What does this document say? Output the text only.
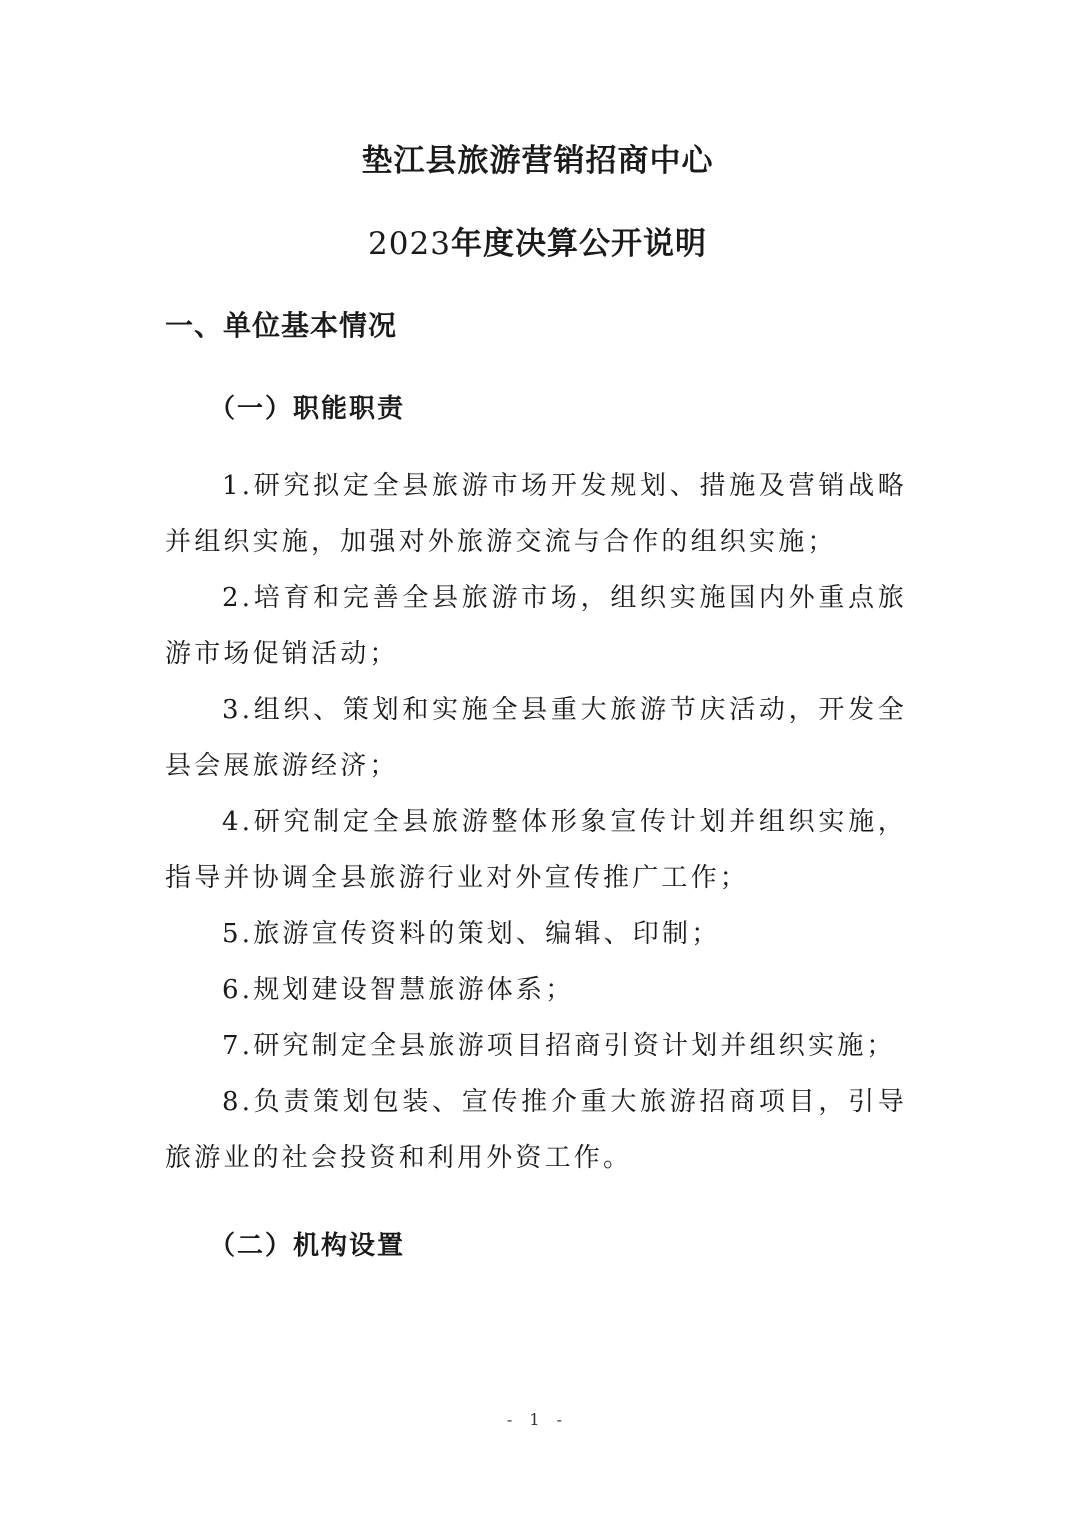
垫江县旅游营销招商中心
2023年度决算公开说明
一、单位基本情况
（一）职能职责
1.研究拟定全县旅游市场开发规划、措施及营销战略并组织实施，加强对外旅游交流与合作的组织实施；
2.培育和完善全县旅游市场，组织实施国内外重点旅游市场促销活动；
3.组织、策划和实施全县重大旅游节庆活动，开发全县会展旅游经济；
4.研究制定全县旅游整体形象宣传计划并组织实施，指导并协调全县旅游行业对外宣传推广工作；
5.旅游宣传资料的策划、编辑、印制；
6.规划建设智慧旅游体系；
7.研究制定全县旅游项目招商引资计划并组织实施；
8.负责策划包装、宣传推介重大旅游招商项目，引导旅游业的社会投资和利用外资工作。
（二）机构设置
- 1 -
